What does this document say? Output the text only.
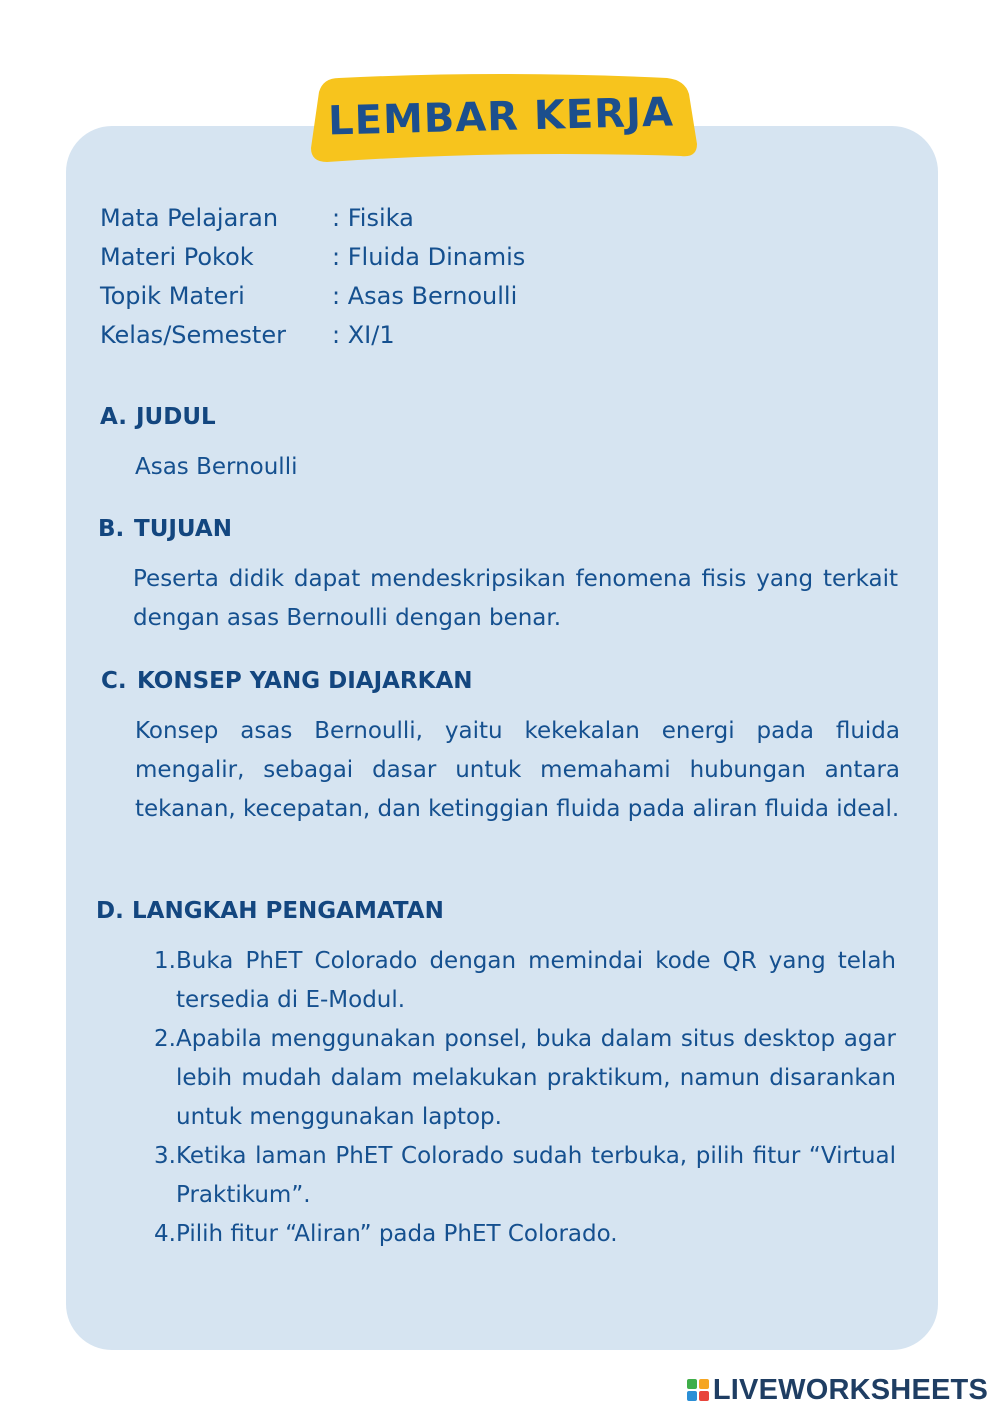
LEMBAR KERJA
Mata Pelajaran	: Fisika
Materi Pokok	: Fluida Dinamis
Topik Materi	: Asas Bernoulli
Kelas/Semester	: XI/1
A. JUDUL
Asas Bernoulli
B. TUJUAN
Peserta didik dapat mendeskripsikan fenomena fisis yang terkait dengan asas Bernoulli dengan benar.
C. KONSEP YANG DIAJARKAN
Konsep asas Bernoulli, yaitu kekekalan energi pada fluida mengalir, sebagai dasar untuk memahami hubungan antara tekanan, kecepatan, dan ketinggian fluida pada aliran fluida ideal.
D. LANGKAH PENGAMATAN
1. Buka PhET Colorado dengan memindai kode QR yang telah tersedia di E-Modul.
2. Apabila menggunakan ponsel, buka dalam situs desktop agar lebih mudah dalam melakukan praktikum, namun disarankan untuk menggunakan laptop.
3. Ketika laman PhET Colorado sudah terbuka, pilih fitur “Virtual Praktikum”.
4. Pilih fitur “Aliran” pada PhET Colorado.
LIVEWORKSHEETS
